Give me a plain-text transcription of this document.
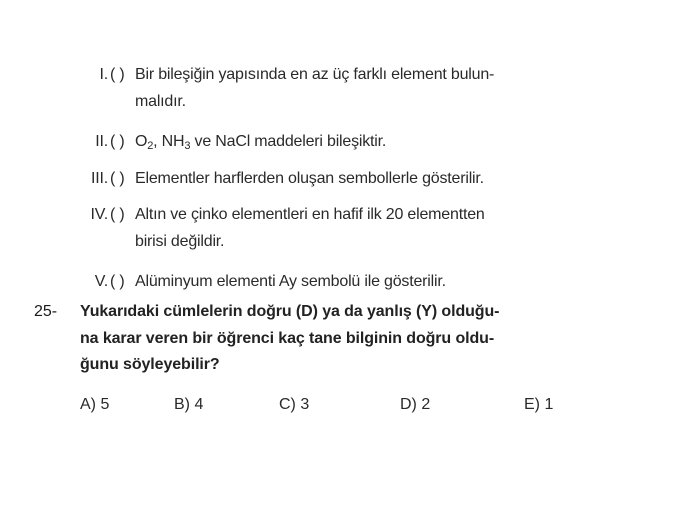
I. ( ) Bir bileşiğin yapısında en az üç farklı element bulun-
malıdır.
II. ( ) $O_2$, $NH_3$ ve NaCl maddeleri bileşiktir.
III. ( ) Elementler harflerden oluşan sembollerle gösterilir.
IV. ( ) Altın ve çinko elementleri en hafif ilk 20 elementten
birisi değildir.
V. ( ) Alüminyum elementi Ay sembolü ile gösterilir.
25- Yukarıdaki cümlelerin doğru (D) ya da yanlış (Y) olduğu-
na karar veren bir öğrenci kaç tane bilginin doğru oldu-
ğunu söyleyebilir?
A) 5	B) 4	C) 3	D) 2	E) 1
